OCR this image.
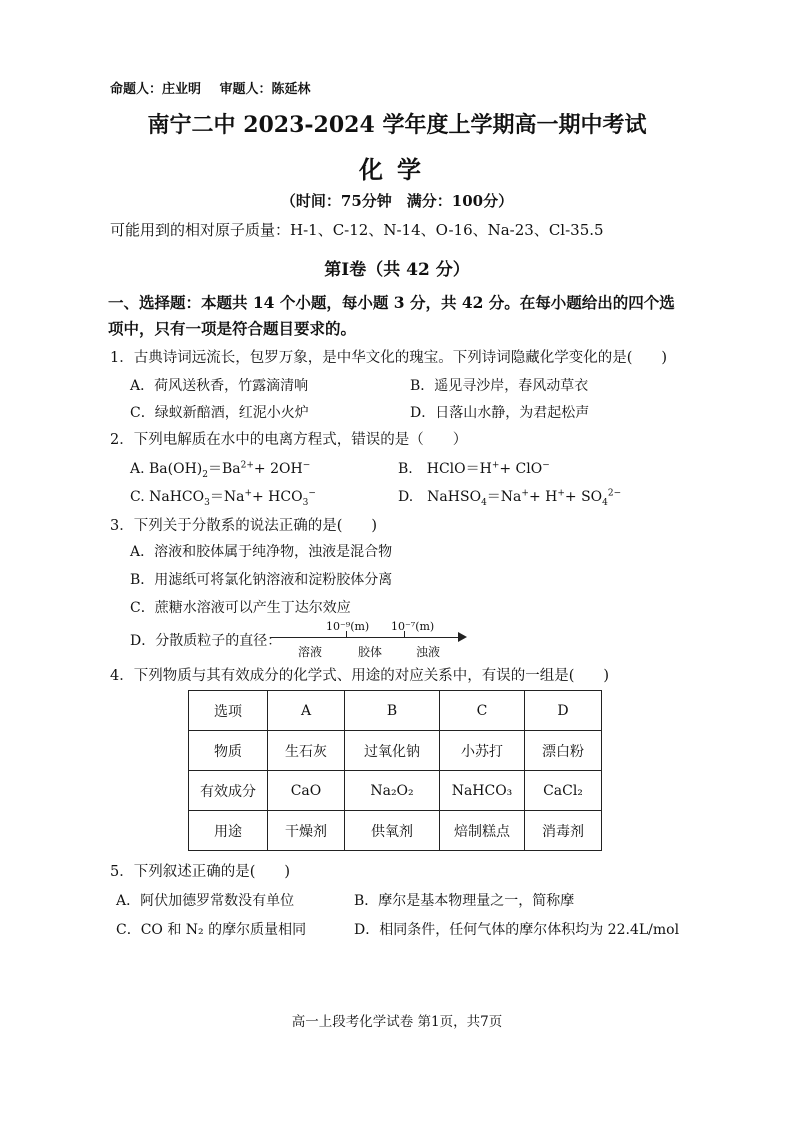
命题人：庄业明 审题人：陈延林
南宁二中 2023-2024 学年度上学期高一期中考试
化学
（时间：75分钟　满分：100分）
可能用到的相对原子质量：H-1、C-12、N-14、O-16、Na-23、Cl-35.5
第Ⅰ卷（共 42 分）
一、选择题：本题共 14 个小题，每小题 3 分，共 42 分。在每小题给出的四个选项中，只有一项是符合题目要求的。
1．古典诗词远流长，包罗万象，是中华文化的瑰宝。下列诗词隐藏化学变化的是(　　)
A．荷风送秋香，竹露滴清响	B．遥见寻沙岸，春风动草衣
C．绿蚁新醅酒，红泥小火炉	D．日落山水静，为君起松声
2．下列电解质在水中的电离方程式，错误的是（　　）
A. $Ba(OH)_2=Ba^{2+}+ 2OH^-$	B.　HClO＝H++ ClO−
C. NaHCO$_3$＝Na++ $HCO_3^-$	D.　NaHSO$_4$＝Na++ $H^++ SO_4^{2-}$
3．下列关于分散系的说法正确的是(　　)
A．溶液和胶体属于纯净物，浊液是混合物
B．用滤纸可将氯化钠溶液和淀粉胶体分离
C．蔗糖水溶液可以产生丁达尔效应
D．分散质粒子的直径：
10⁻⁹(m) 10⁻⁷(m)
溶液	胶体	浊液
4．下列物质与其有效成分的化学式、用途的对应关系中，有误的一组是(　　)
选项	A	B	C	D
物质	生石灰	过氧化钠	小苏打	漂白粉
有效成分	CaO	Na₂O₂	NaHCO₃	CaCl₂
用途	干燥剂	供氧剂	焙制糕点	消毒剂
5．下列叙述正确的是(　　)
A．阿伏加德罗常数没有单位	B．摩尔是基本物理量之一，简称摩
C．CO 和 N₂ 的摩尔质量相同	D．相同条件，任何气体的摩尔体积均为 22.4L/mol
高一上段考化学试卷 第1页，共7页
